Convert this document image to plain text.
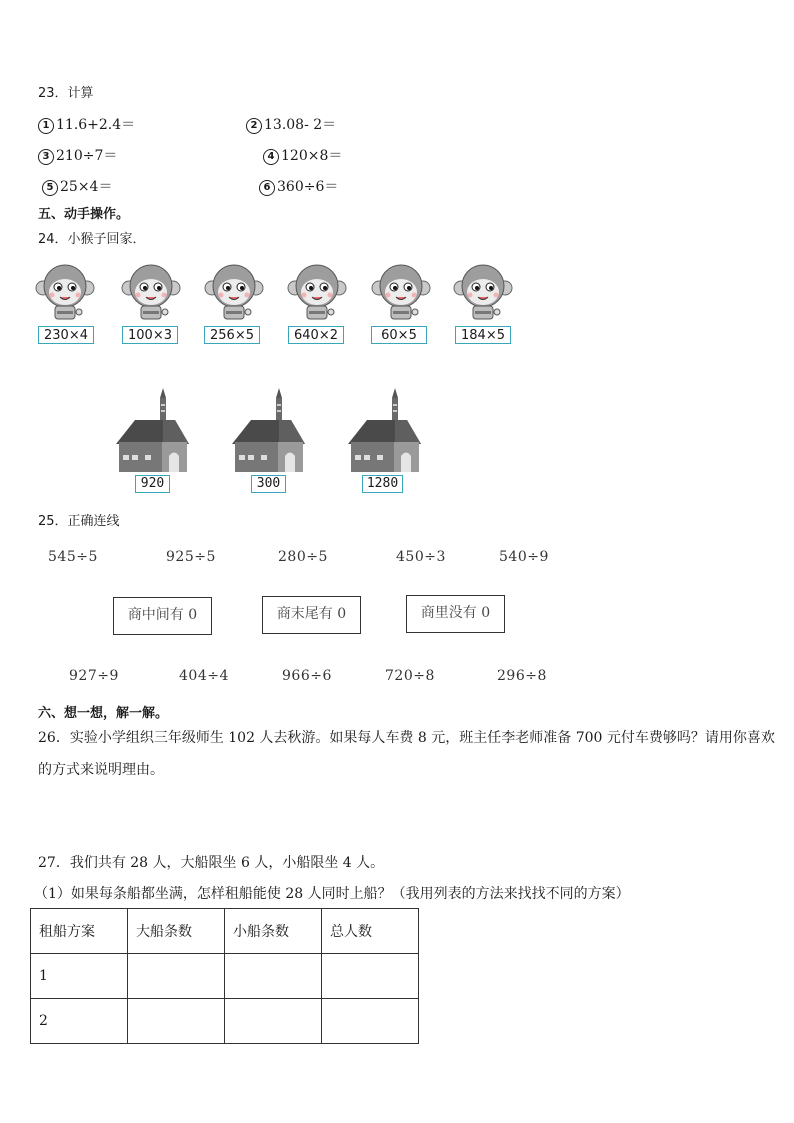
23．计算
1 11.6+2.4＝	2 13.08- 2＝
3 210÷7＝	4 120×8＝
5 25×4＝	6 360÷6＝
五、动手操作。
24．小猴子回家．
230×4	100×3	256×5	640×2	60×5	184×5
920	300	1280
25．正确连线
545÷5	925÷5	280÷5	450÷3	540÷9
商中间有 0	商末尾有 0	商里没有 0
927÷9	404÷4	966÷6	720÷8	296÷8
六、想一想，解一解。
26．实验小学组织三年级师生 102 人去秋游。如果每人车费 8 元，班主任李老师准备 700 元付车费够吗？请用你喜欢
的方式来说明理由。
27．我们共有 28 人，大船限坐 6 人，小船限坐 4 人。
（1）如果每条船都坐满，怎样租船能使 28 人同时上船？（我用列表的方法来找找不同的方案）
租船方案	大船条数	小船条数	总人数
1			
2			
